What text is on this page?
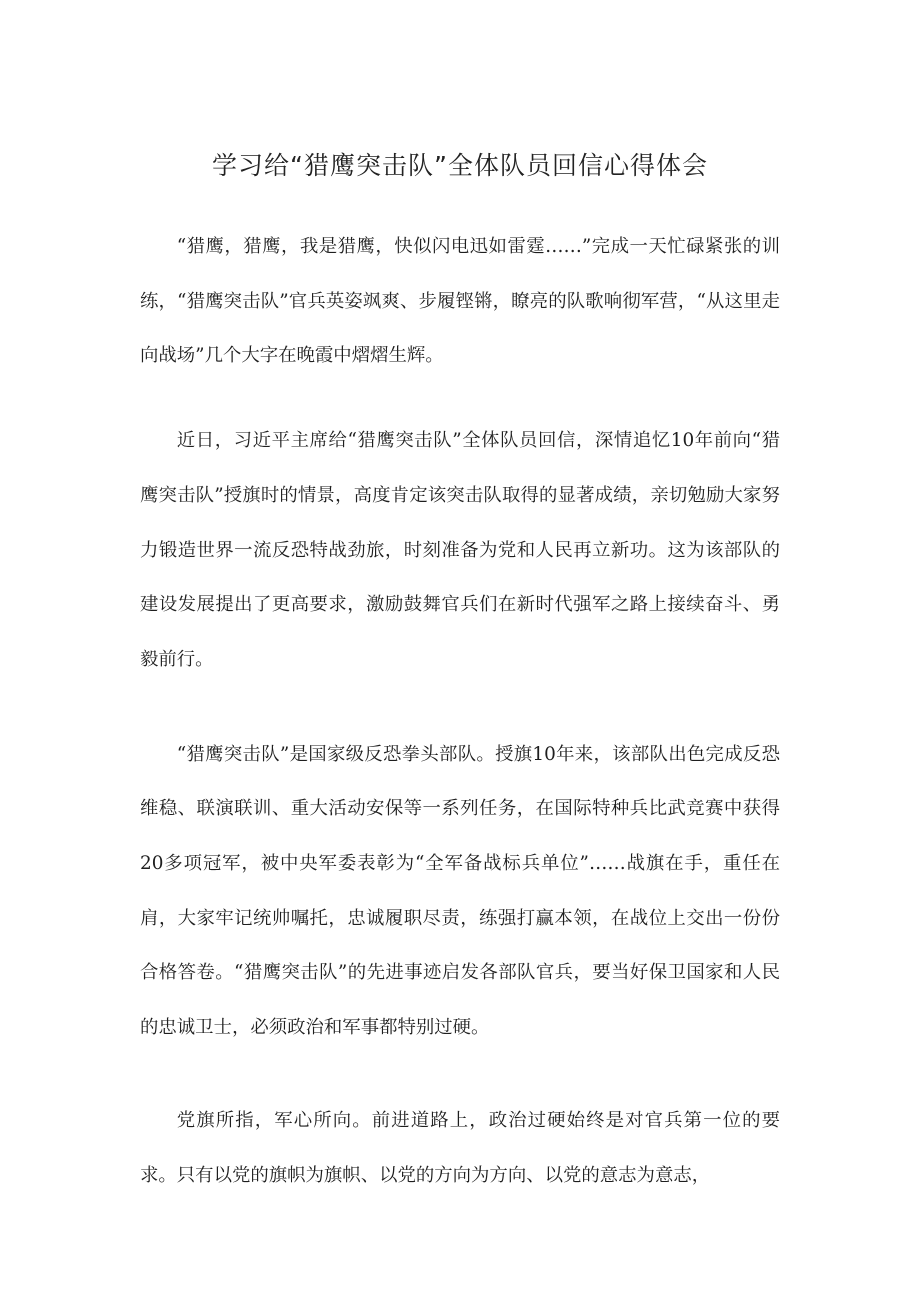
学习给“猎鹰突击队”全体队员回信心得体会

“猎鹰，猎鹰，我是猎鹰，快似闪电迅如雷霆……”完成一天忙碌紧张的训练，“猎鹰突击队”官兵英姿飒爽、步履铿锵，瞭亮的队歌响彻军营，“从这里走向战场”几个大字在晚霞中熠熠生辉。

近日，习近平主席给“猎鹰突击队”全体队员回信，深情追忆10年前向“猎鹰突击队”授旗时的情景，高度肯定该突击队取得的显著成绩，亲切勉励大家努力锻造世界一流反恐特战劲旅，时刻准备为党和人民再立新功。这为该部队的建设发展提出了更高要求，激励鼓舞官兵们在新时代强军之路上接续奋斗、勇毅前行。

“猎鹰突击队”是国家级反恐拳头部队。授旗10年来，该部队出色完成反恐维稳、联演联训、重大活动安保等一系列任务，在国际特种兵比武竞赛中获得20多项冠军，被中央军委表彰为“全军备战标兵单位”……战旗在手，重任在肩，大家牢记统帅嘱托，忠诚履职尽责，练强打赢本领，在战位上交出一份份合格答卷。“猎鹰突击队”的先进事迹启发各部队官兵，要当好保卫国家和人民的忠诚卫士，必须政治和军事都特别过硬。

党旗所指，军心所向。前进道路上，政治过硬始终是对官兵第一位的要求。只有以党的旗帜为旗帜、以党的方向为方向、以党的意志为意志，
